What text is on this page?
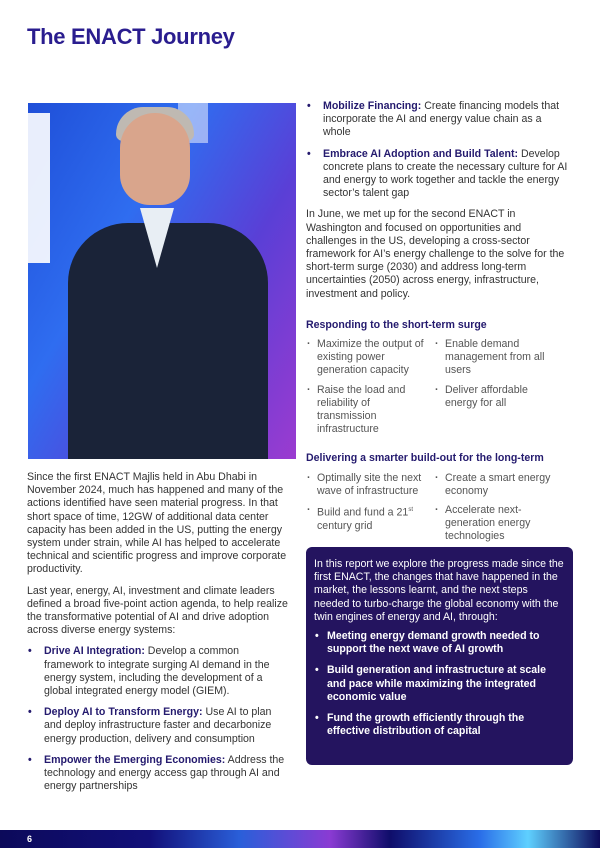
The ENACT Journey

Since the first ENACT Majlis held in Abu Dhabi in November 2024, much has happened and many of the actions identified have seen material progress. In that short space of time, 12GW of additional data center capacity has been added in the US, putting the energy system under strain, while AI has helped to accelerate technical and scientific progress and improve corporate productivity.

Last year, energy, AI, investment and climate leaders defined a broad five-point action agenda, to help realize the transformative potential of AI and drive adoption across diverse energy systems:

• Drive AI Integration: Develop a common framework to integrate surging AI demand in the energy system, including the development of a global integrated energy model (GIEM).
• Deploy AI to Transform Energy: Use AI to plan and deploy infrastructure faster and decarbonize energy production, delivery and consumption
• Empower the Emerging Economies: Address the technology and energy access gap through AI and energy partnerships
• Mobilize Financing: Create financing models that incorporate the AI and energy value chain as a whole
• Embrace AI Adoption and Build Talent: Develop concrete plans to create the necessary culture for AI and energy to work together and tackle the energy sector’s talent gap

In June, we met up for the second ENACT in Washington and focused on opportunities and challenges in the US, developing a cross-sector framework for AI’s energy challenge to the solve for the short-term surge (2030) and address long-term uncertainties (2050) across energy, infrastructure, investment and policy.

Responding to the short-term surge
· Maximize the output of existing power generation capacity
· Raise the load and reliability of transmission infrastructure
· Enable demand management from all users
· Deliver affordable energy for all
Delivering a smarter build-out for the long-term
· Optimally site the next wave of infrastructure
· Build and fund a 21st century grid
· Create a smart energy economy
· Accelerate next-generation energy technologies
In this report we explore the progress made since the first ENACT, the changes that have happened in the market, the lessons learnt, and the next steps needed to turbo-charge the global economy with the twin engines of energy and AI, through:
• Meeting energy demand growth needed to support the next wave of AI growth
• Build generation and infrastructure at scale and pace while maximizing the integrated economic value
• Fund the growth efficiently through the effective distribution of capital
6
